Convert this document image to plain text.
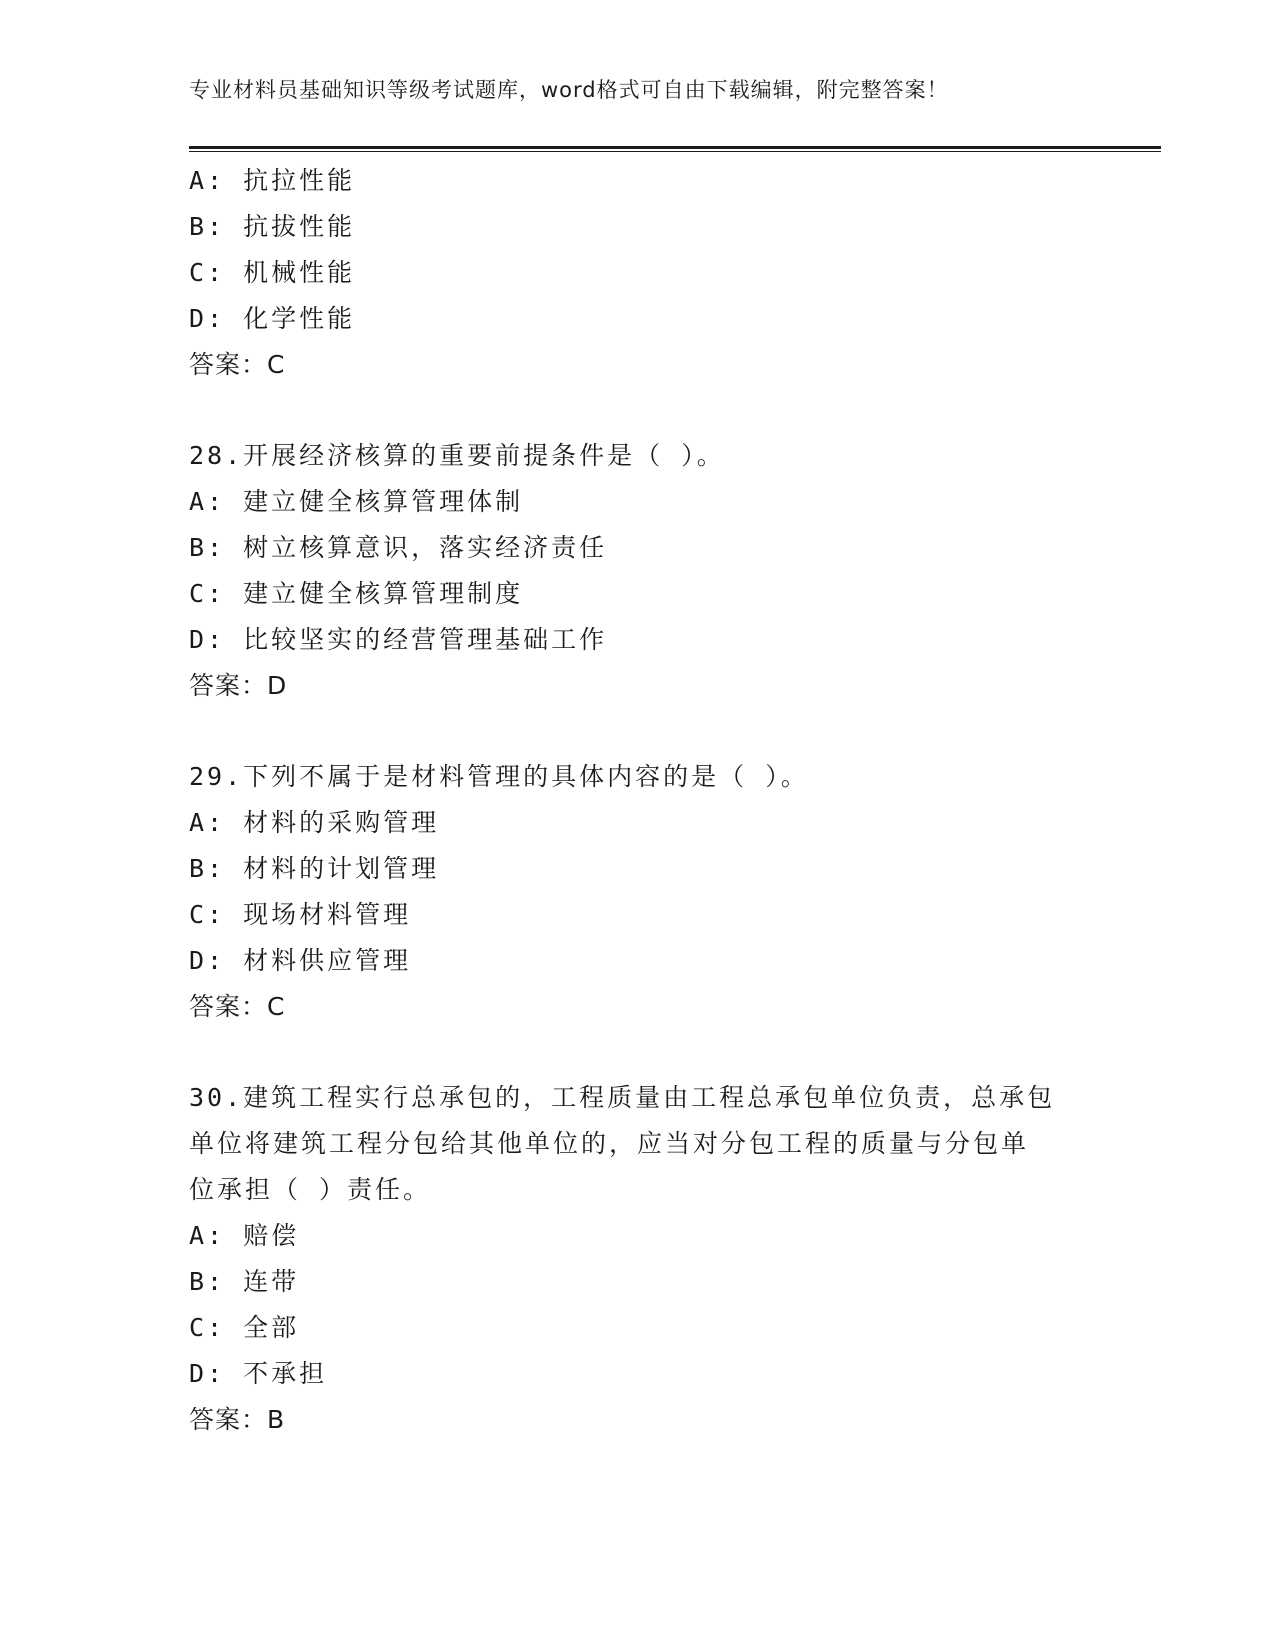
专业材料员基础知识等级考试题库，word格式可自由下载编辑，附完整答案！
A: 抗拉性能
B: 抗拔性能
C: 机械性能
D: 化学性能
答案：C
28.开展经济核算的重要前提条件是（ ）。
A: 建立健全核算管理体制
B: 树立核算意识，落实经济责任
C: 建立健全核算管理制度
D: 比较坚实的经营管理基础工作
答案：D
29.下列不属于是材料管理的具体内容的是（ ）。
A: 材料的采购管理
B: 材料的计划管理
C: 现场材料管理
D: 材料供应管理
答案：C
30.建筑工程实行总承包的，工程质量由工程总承包单位负责，总承包
单位将建筑工程分包给其他单位的，应当对分包工程的质量与分包单
位承担（ ）责任。
A: 赔偿
B: 连带
C: 全部
D: 不承担
答案：B
